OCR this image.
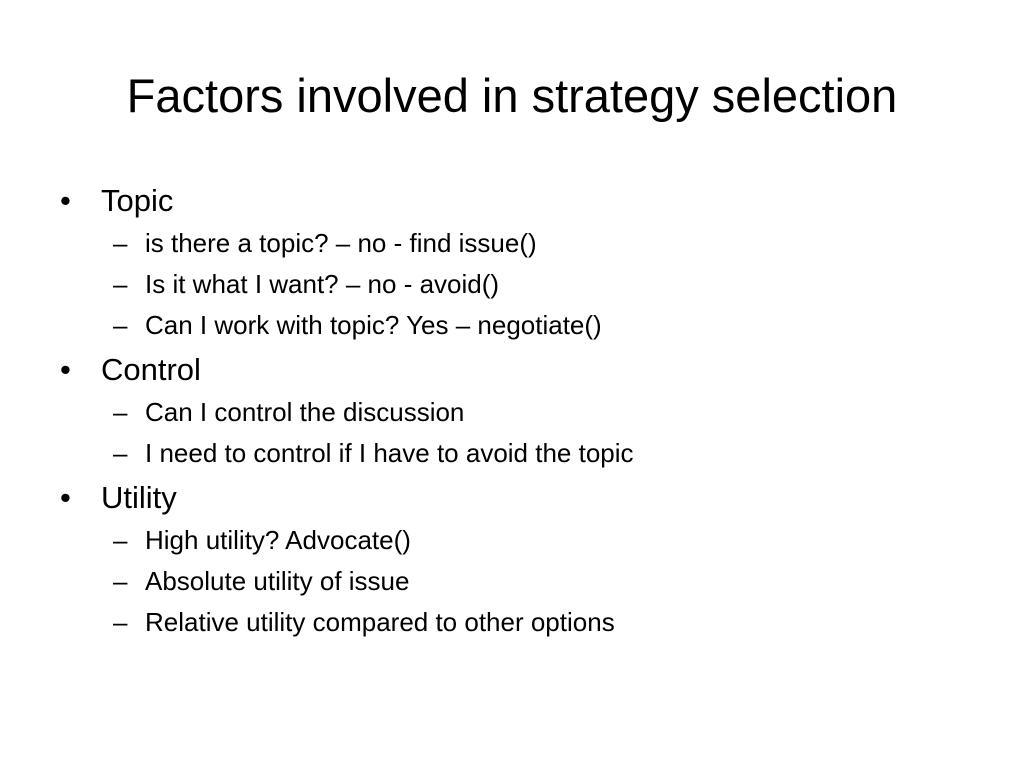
Factors involved in strategy selection
• Topic
– is there a topic? – no - find issue()
– Is it what I want? – no - avoid()
– Can I work with topic? Yes – negotiate()
• Control
– Can I control the discussion
– I need to control if I have to avoid the topic
• Utility
– High utility? Advocate()
– Absolute utility of issue
– Relative utility compared to other options
